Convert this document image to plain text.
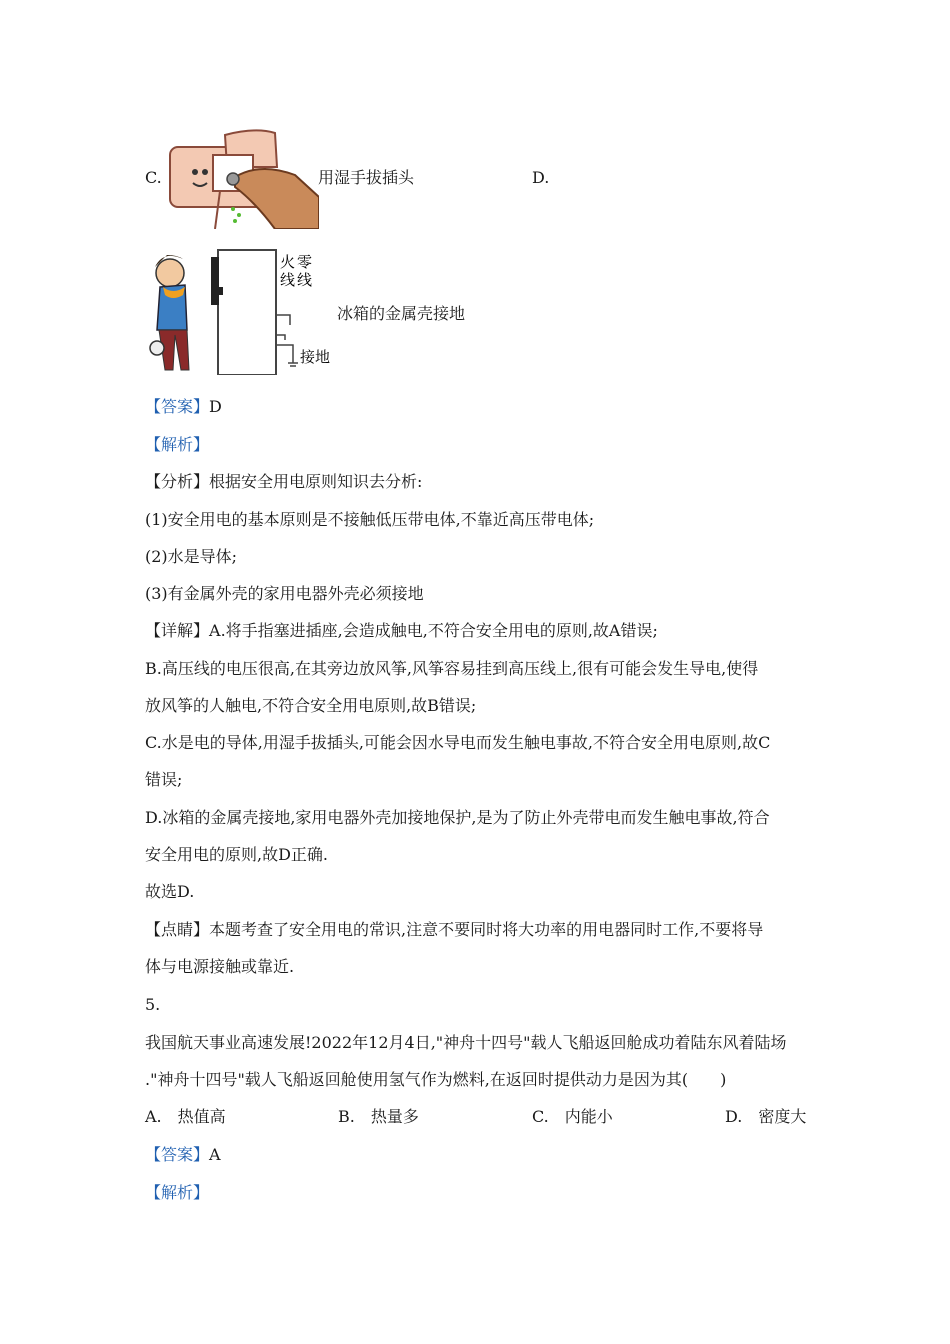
C.	用湿手拔插头	D.
火 零
线 线
接地
冰箱的金属壳接地
【答案】D
【解析】
【分析】根据安全用电原则知识去分析:
(1)安全用电的基本原则是不接触低压带电体,不靠近高压带电体;
(2)水是导体;
(3)有金属外壳的家用电器外壳必须接地
【详解】A.将手指塞进插座,会造成触电,不符合安全用电的原则,故A错误;
B.高压线的电压很高,在其旁边放风筝,风筝容易挂到高压线上,很有可能会发生导电,使得
放风筝的人触电,不符合安全用电原则,故B错误;
C.水是电的导体,用湿手拔插头,可能会因水导电而发生触电事故,不符合安全用电原则,故C
错误;
D.冰箱的金属壳接地,家用电器外壳加接地保护,是为了防止外壳带电而发生触电事故,符合
安全用电的原则,故D正确.
故选D.
【点睛】本题考查了安全用电的常识,注意不要同时将大功率的用电器同时工作,不要将导
体与电源接触或靠近.
5.
我国航天事业高速发展!2022年12月4日,"神舟十四号"载人飞船返回舱成功着陆东风着陆场
."神舟十四号"载人飞船返回舱使用氢气作为燃料,在返回时提供动力是因为其(　　)
A.　热值高	B.　热量多	C.　内能小	D.　密度大
【答案】A
【解析】
